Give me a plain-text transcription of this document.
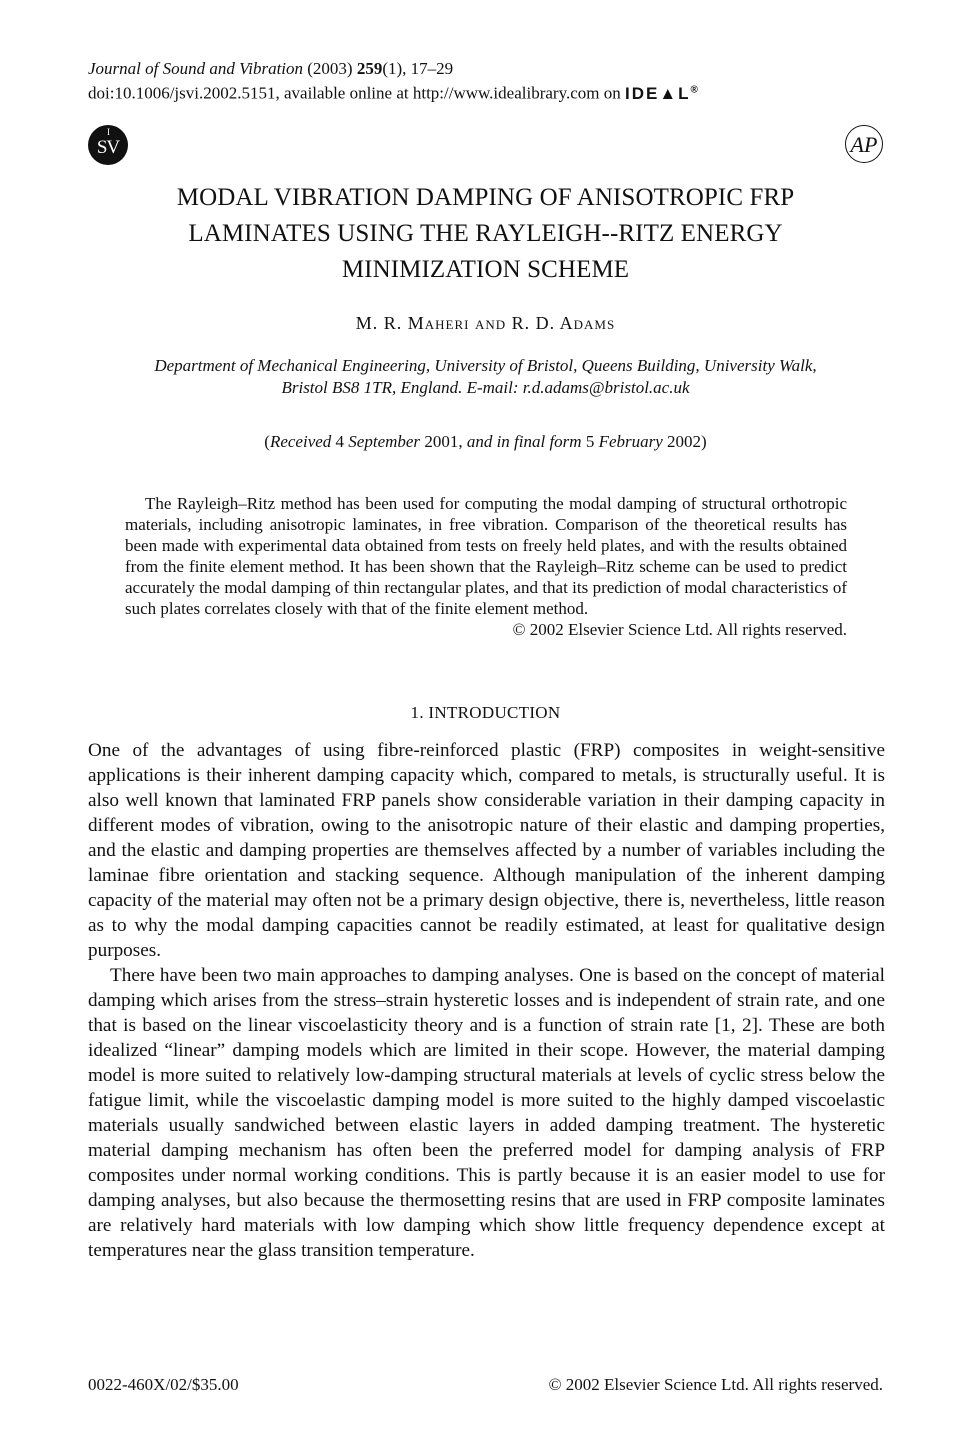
Journal of Sound and Vibration (2003) 259(1), 17–29
doi:10.1006/jsvi.2002.5151, available online at http://www.idealibrary.com on IDE▲L®
I SV	AP
MODAL VIBRATION DAMPING OF ANISOTROPIC FRP
LAMINATES USING THE RAYLEIGH--RITZ ENERGY
MINIMIZATION SCHEME
M. R. Maheri and R. D. Adams
Department of Mechanical Engineering, University of Bristol, Queens Building, University Walk,
Bristol BS8 1TR, England. E-mail: r.d.adams@bristol.ac.uk
(Received 4 September 2001, and in final form 5 February 2002)
The Rayleigh–Ritz method has been used for computing the modal damping of structural orthotropic materials, including anisotropic laminates, in free vibration. Comparison of the theoretical results has been made with experimental data obtained from tests on freely held plates, and with the results obtained from the finite element method. It has been shown that the Rayleigh–Ritz scheme can be used to predict accurately the modal damping of thin rectangular plates, and that its prediction of modal characteristics of such plates correlates closely with that of the finite element method.
© 2002 Elsevier Science Ltd. All rights reserved.
1. INTRODUCTION

One of the advantages of using fibre-reinforced plastic (FRP) composites in weight-sensitive applications is their inherent damping capacity which, compared to metals, is structurally useful. It is also well known that laminated FRP panels show considerable variation in their damping capacity in different modes of vibration, owing to the anisotropic nature of their elastic and damping properties, and the elastic and damping properties are themselves affected by a number of variables including the laminae fibre orientation and stacking sequence. Although manipulation of the inherent damping capacity of the material may often not be a primary design objective, there is, nevertheless, little reason as to why the modal damping capacities cannot be readily estimated, at least for qualitative design purposes.

There have been two main approaches to damping analyses. One is based on the concept of material damping which arises from the stress–strain hysteretic losses and is independent of strain rate, and one that is based on the linear viscoelasticity theory and is a function of strain rate [1, 2]. These are both idealized “linear” damping models which are limited in their scope. However, the material damping model is more suited to relatively low-damping structural materials at levels of cyclic stress below the fatigue limit, while the viscoelastic damping model is more suited to the highly damped viscoelastic materials usually sandwiched between elastic layers in added damping treatment. The hysteretic material damping mechanism has often been the preferred model for damping analysis of FRP composites under normal working conditions. This is partly because it is an easier model to use for damping analyses, but also because the thermosetting resins that are used in FRP composite laminates are relatively hard materials with low damping which show little frequency dependence except at temperatures near the glass transition temperature.

0022-460X/02/$35.00	© 2002 Elsevier Science Ltd. All rights reserved.
